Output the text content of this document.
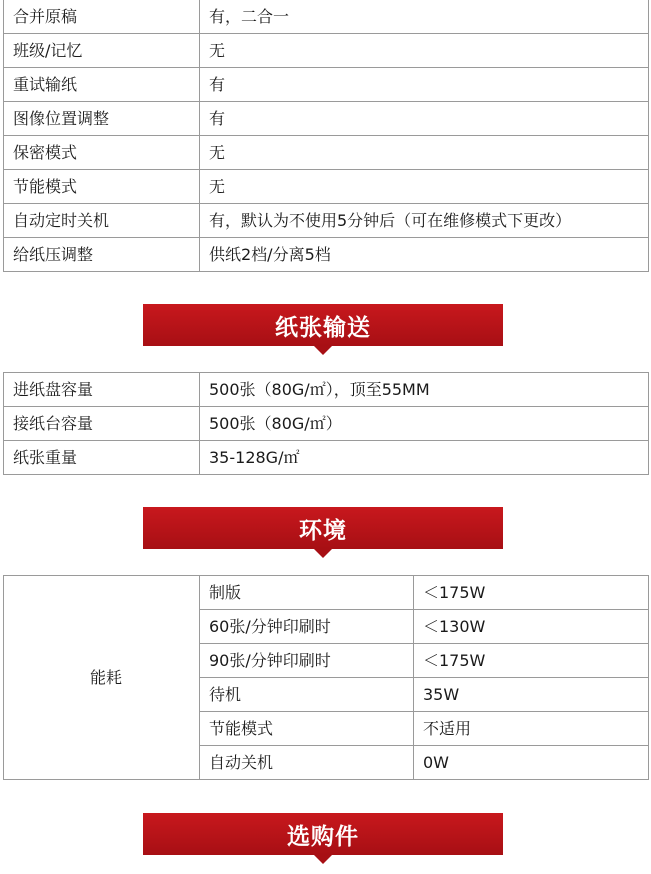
合并原稿	有，二合一
班级/记忆	无
重试输纸	有
图像位置调整	有
保密模式	无
节能模式	无
自动定时关机	有，默认为不使用5分钟后（可在维修模式下更改）
给纸压调整	供纸2档/分离5档
纸张输送
进纸盘容量	500张（80G/㎡），顶至55MM
接纸台容量	500张（80G/㎡）
纸张重量	35-128G/㎡
环境
能耗	制版	＜175W
	60张/分钟印刷时	＜130W
	90张/分钟印刷时	＜175W
	待机	35W
	节能模式	不适用
	自动关机	0W
选购件
